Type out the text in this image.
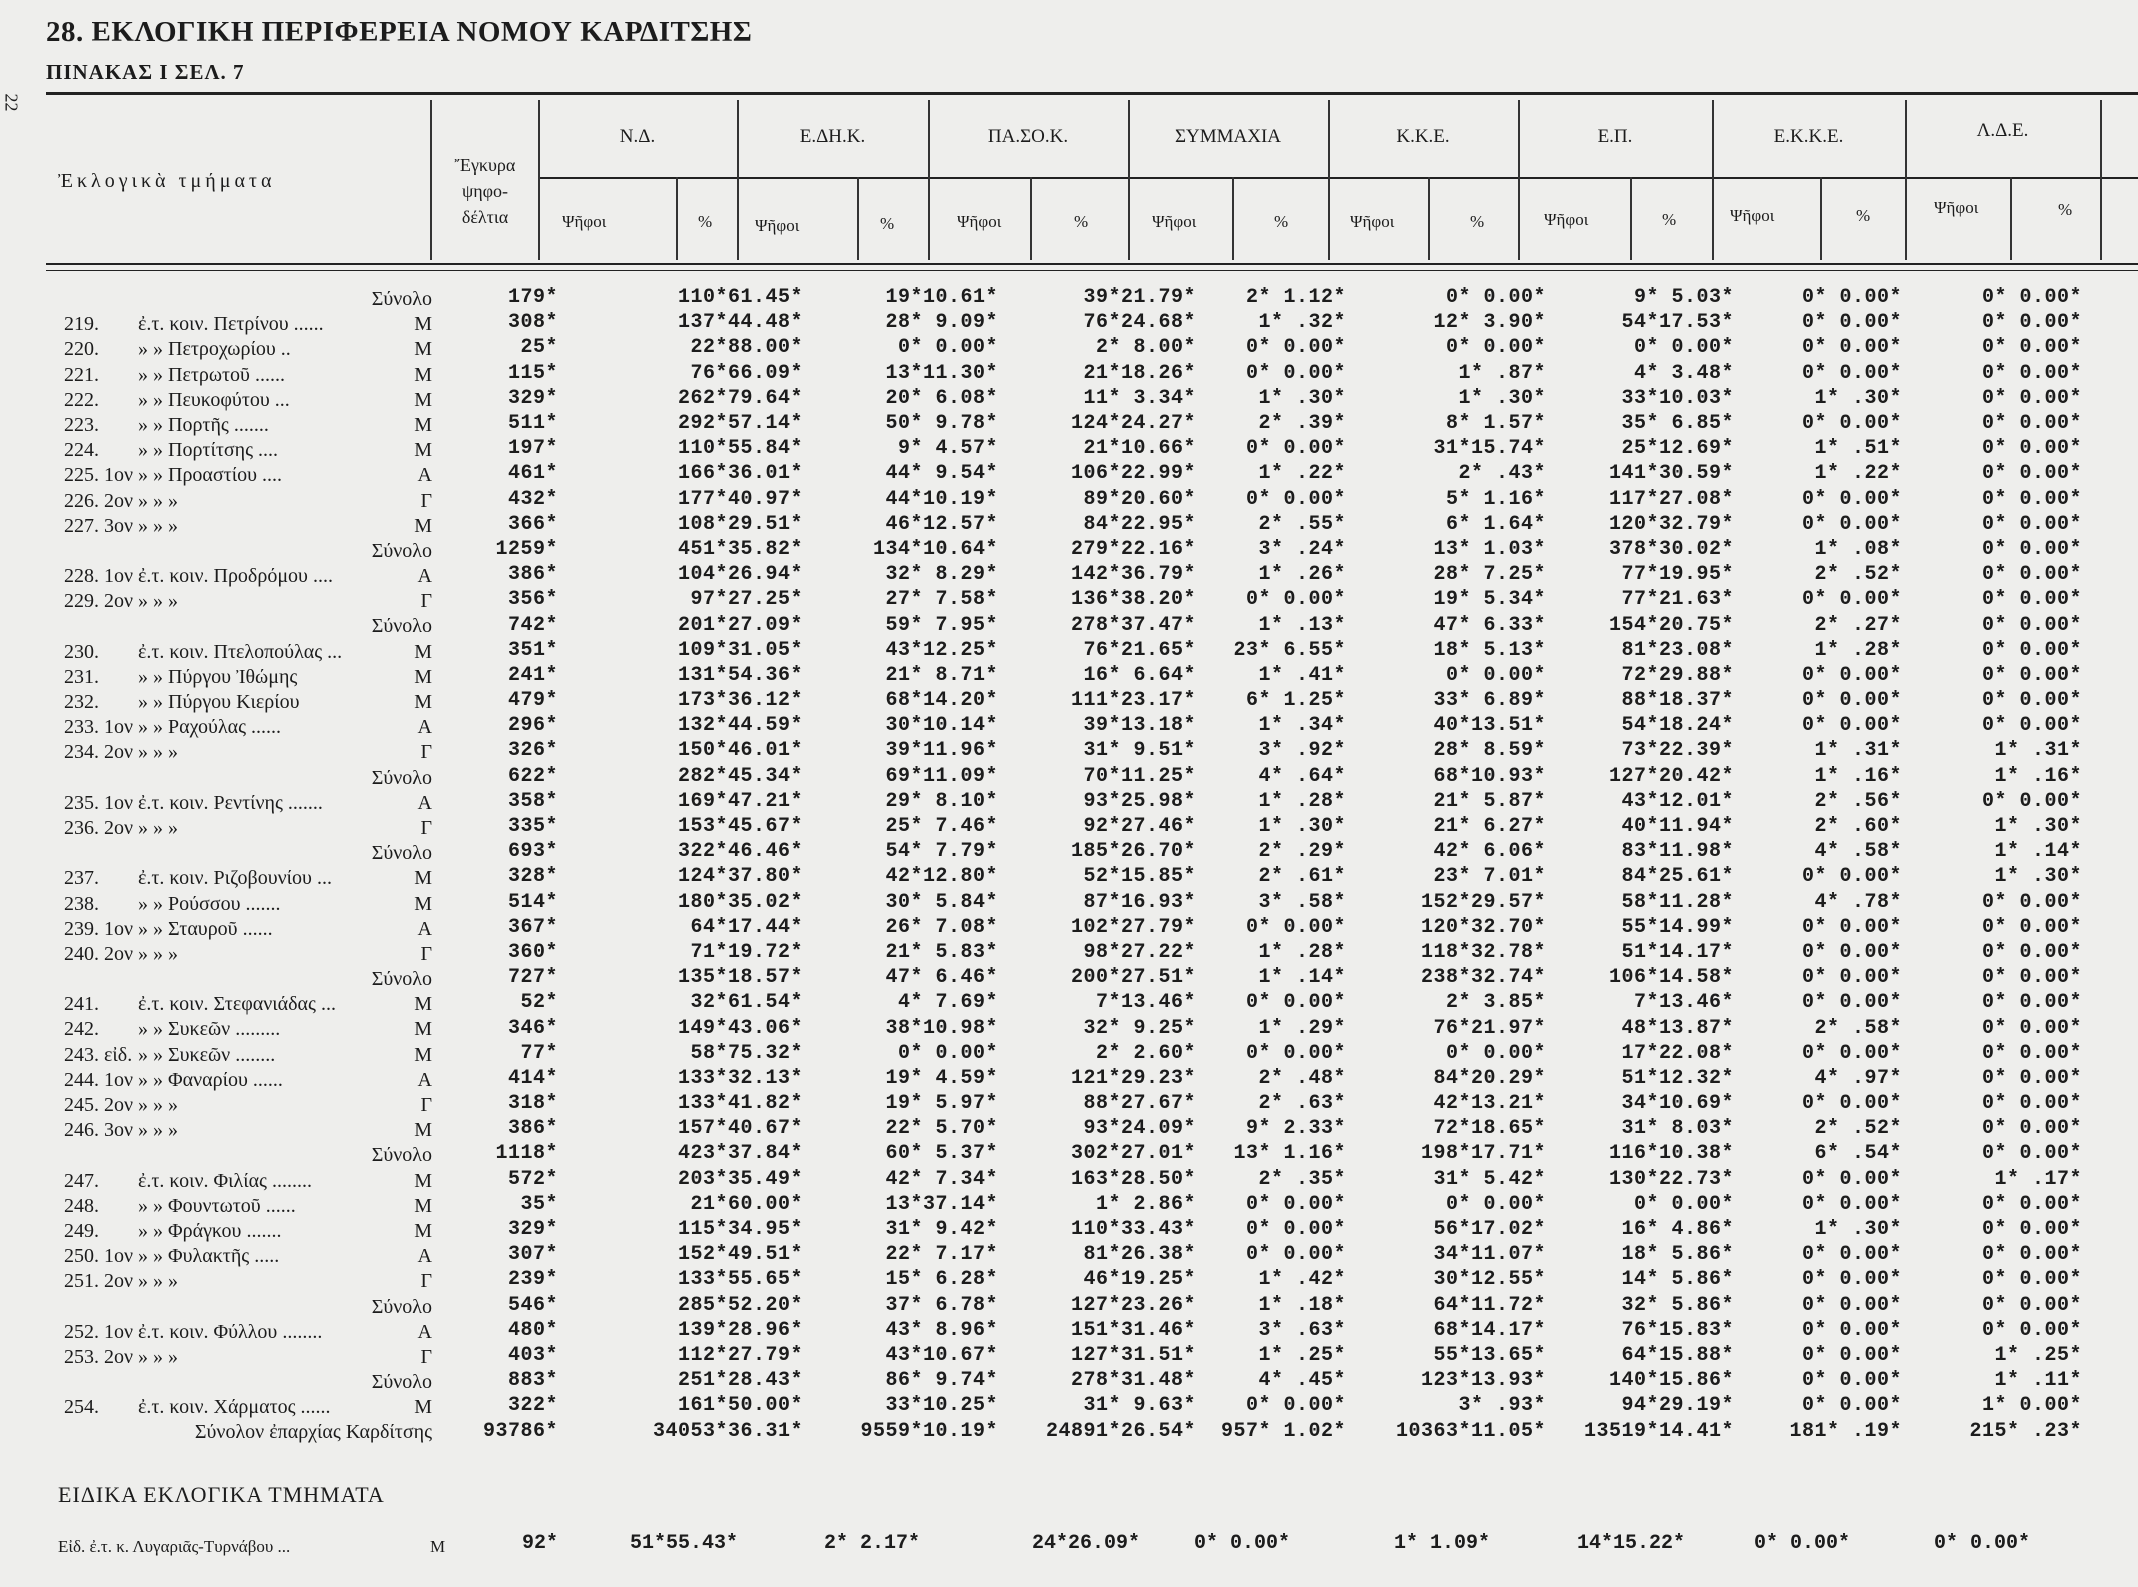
22
28. ΕΚΛΟΓΙΚΗ ΠΕΡΙΦΕΡΕΙΑ ΝΟΜΟΥ ΚΑΡΔΙΤΣΗΣ
ΠΙΝΑΚΑΣ Ι ΣΕΛ. 7
Ἐκλογικὰ τμήματα
Ἔγκυρα
ψηφο-
δέλτια
Ν.Δ.	Ε.ΔΗ.Κ.	ΠΑ.ΣΟ.Κ.	ΣΥΜΜΑΧΙΑ	Κ.Κ.Ε.	Ε.Π.	Ε.Κ.Κ.Ε.	Λ.Δ.Ε.
Ψῆφοι	%	Ψῆφοι	%	Ψῆφοι	%	Ψῆφοι	%	Ψῆφοι	%	Ψῆφοι	%	Ψῆφοι	%	Ψῆφοι	%
Σύνολο	179*	110*61.45*	19*10.61*	39*21.79*	2* 1.12*	0* 0.00*	9* 5.03*	0* 0.00*	0* 0.00*

219. ἐ.τ. κοιν. Πετρίνου ...... Μ	308*	137*44.48*	28* 9.09*	76*24.68*	1* .32*	12* 3.90*	54*17.53*	0* 0.00*	0* 0.00*

220. » » Πετροχωρίου .. Μ	25*	22*88.00*	0* 0.00*	2* 8.00*	0* 0.00*	0* 0.00*	0* 0.00*	0* 0.00*	0* 0.00*

221. » » Πετρωτοῦ ...... Μ	115*	76*66.09*	13*11.30*	21*18.26*	0* 0.00*	1* .87*	4* 3.48*	0* 0.00*	0* 0.00*

222. » » Πευκοφύτου ... Μ	329*	262*79.64*	20* 6.08*	11* 3.34*	1* .30*	1* .30*	33*10.03*	1* .30*	0* 0.00*

223. » » Πορτῆς ....... Μ	511*	292*57.14*	50* 9.78*	124*24.27*	2* .39*	8* 1.57*	35* 6.85*	0* 0.00*	0* 0.00*

224. » » Πορτίτσης .... Μ	197*	110*55.84*	9* 4.57*	21*10.66*	0* 0.00*	31*15.74*	25*12.69*	1* .51*	0* 0.00*

225. 1ον » » Προαστίου .... Α	461*	166*36.01*	44* 9.54*	106*22.99*	1* .22*	2* .43*	141*30.59*	1* .22*	0* 0.00*

226. 2ον » » » Γ	432*	177*40.97*	44*10.19*	89*20.60*	0* 0.00*	5* 1.16*	117*27.08*	0* 0.00*	0* 0.00*

227. 3ον » » » Μ	366*	108*29.51*	46*12.57*	84*22.95*	2* .55*	6* 1.64*	120*32.79*	0* 0.00*	0* 0.00*

Σύνολο	1259*	451*35.82*	134*10.64*	279*22.16*	3* .24*	13* 1.03*	378*30.02*	1* .08*	0* 0.00*

228. 1ον ἐ.τ. κοιν. Προδρόμου .... Α	386*	104*26.94*	32* 8.29*	142*36.79*	1* .26*	28* 7.25*	77*19.95*	2* .52*	0* 0.00*

229. 2ον » » » Γ	356*	97*27.25*	27* 7.58*	136*38.20*	0* 0.00*	19* 5.34*	77*21.63*	0* 0.00*	0* 0.00*

Σύνολο	742*	201*27.09*	59* 7.95*	278*37.47*	1* .13*	47* 6.33*	154*20.75*	2* .27*	0* 0.00*

230. ἐ.τ. κοιν. Πτελοπούλας ... Μ	351*	109*31.05*	43*12.25*	76*21.65*	23* 6.55*	18* 5.13*	81*23.08*	1* .28*	0* 0.00*

231. » » Πύργου Ἰθώμης Μ	241*	131*54.36*	21* 8.71*	16* 6.64*	1* .41*	0* 0.00*	72*29.88*	0* 0.00*	0* 0.00*

232. » » Πύργου Κιερίου Μ	479*	173*36.12*	68*14.20*	111*23.17*	6* 1.25*	33* 6.89*	88*18.37*	0* 0.00*	0* 0.00*

233. 1ον » » Ραχούλας ...... Α	296*	132*44.59*	30*10.14*	39*13.18*	1* .34*	40*13.51*	54*18.24*	0* 0.00*	0* 0.00*

234. 2ον » » » Γ	326*	150*46.01*	39*11.96*	31* 9.51*	3* .92*	28* 8.59*	73*22.39*	1* .31*	1* .31*

Σύνολο	622*	282*45.34*	69*11.09*	70*11.25*	4* .64*	68*10.93*	127*20.42*	1* .16*	1* .16*

235. 1ον ἐ.τ. κοιν. Ρεντίνης ....... Α	358*	169*47.21*	29* 8.10*	93*25.98*	1* .28*	21* 5.87*	43*12.01*	2* .56*	0* 0.00*

236. 2ον » » » Γ	335*	153*45.67*	25* 7.46*	92*27.46*	1* .30*	21* 6.27*	40*11.94*	2* .60*	1* .30*

Σύνολο	693*	322*46.46*	54* 7.79*	185*26.70*	2* .29*	42* 6.06*	83*11.98*	4* .58*	1* .14*

237. ἐ.τ. κοιν. Ριζοβουνίου ... Μ	328*	124*37.80*	42*12.80*	52*15.85*	2* .61*	23* 7.01*	84*25.61*	0* 0.00*	1* .30*

238. » » Ρούσσου ....... Μ	514*	180*35.02*	30* 5.84*	87*16.93*	3* .58*	152*29.57*	58*11.28*	4* .78*	0* 0.00*

239. 1ον » » Σταυροῦ ...... Α	367*	64*17.44*	26* 7.08*	102*27.79*	0* 0.00*	120*32.70*	55*14.99*	0* 0.00*	0* 0.00*

240. 2ον » » » Γ	360*	71*19.72*	21* 5.83*	98*27.22*	1* .28*	118*32.78*	51*14.17*	0* 0.00*	0* 0.00*

Σύνολο	727*	135*18.57*	47* 6.46*	200*27.51*	1* .14*	238*32.74*	106*14.58*	0* 0.00*	0* 0.00*

241. ἐ.τ. κοιν. Στεφανιάδας ... Μ	52*	32*61.54*	4* 7.69*	7*13.46*	0* 0.00*	2* 3.85*	7*13.46*	0* 0.00*	0* 0.00*

242. » » Συκεῶν ......... Μ	346*	149*43.06*	38*10.98*	32* 9.25*	1* .29*	76*21.97*	48*13.87*	2* .58*	0* 0.00*

243. εἰδ. » » Συκεῶν ........ Μ	77*	58*75.32*	0* 0.00*	2* 2.60*	0* 0.00*	0* 0.00*	17*22.08*	0* 0.00*	0* 0.00*

244. 1ον » » Φαναρίου ...... Α	414*	133*32.13*	19* 4.59*	121*29.23*	2* .48*	84*20.29*	51*12.32*	4* .97*	0* 0.00*

245. 2ον » » » Γ	318*	133*41.82*	19* 5.97*	88*27.67*	2* .63*	42*13.21*	34*10.69*	0* 0.00*	0* 0.00*

246. 3ον » » » Μ	386*	157*40.67*	22* 5.70*	93*24.09*	9* 2.33*	72*18.65*	31* 8.03*	2* .52*	0* 0.00*

Σύνολο	1118*	423*37.84*	60* 5.37*	302*27.01*	13* 1.16*	198*17.71*	116*10.38*	6* .54*	0* 0.00*

247. ἐ.τ. κοιν. Φιλίας ........ Μ	572*	203*35.49*	42* 7.34*	163*28.50*	2* .35*	31* 5.42*	130*22.73*	0* 0.00*	1* .17*

248. » » Φουντωτοῦ ...... Μ	35*	21*60.00*	13*37.14*	1* 2.86*	0* 0.00*	0* 0.00*	0* 0.00*	0* 0.00*	0* 0.00*

249. » » Φράγκου ....... Μ	329*	115*34.95*	31* 9.42*	110*33.43*	0* 0.00*	56*17.02*	16* 4.86*	1* .30*	0* 0.00*

250. 1ον » » Φυλακτῆς ..... Α	307*	152*49.51*	22* 7.17*	81*26.38*	0* 0.00*	34*11.07*	18* 5.86*	0* 0.00*	0* 0.00*

251. 2ον » » » Γ	239*	133*55.65*	15* 6.28*	46*19.25*	1* .42*	30*12.55*	14* 5.86*	0* 0.00*	0* 0.00*

Σύνολο	546*	285*52.20*	37* 6.78*	127*23.26*	1* .18*	64*11.72*	32* 5.86*	0* 0.00*	0* 0.00*

252. 1ον ἐ.τ. κοιν. Φύλλου ........ Α	480*	139*28.96*	43* 8.96*	151*31.46*	3* .63*	68*14.17*	76*15.83*	0* 0.00*	0* 0.00*

253. 2ον » » » Γ	403*	112*27.79*	43*10.67*	127*31.51*	1* .25*	55*13.65*	64*15.88*	0* 0.00*	1* .25*

Σύνολο	883*	251*28.43*	86* 9.74*	278*31.48*	4* .45*	123*13.93*	140*15.86*	0* 0.00*	1* .11*

254. ἐ.τ. κοιν. Χάρματος ...... Μ	322*	161*50.00*	33*10.25*	31* 9.63*	0* 0.00*	3* .93*	94*29.19*	0* 0.00*	1* 0.00*

Σύνολον ἐπαρχίας Καρδίτσης	93786*	34053*36.31*	9559*10.19*	24891*26.54*	957* 1.02*	10363*11.05*	13519*14.41*	181* .19*	215* .23*
ΕΙΔΙΚΑ ΕΚΛΟΓΙΚΑ ΤΜΗΜΑΤΑ
Εἰδ. ἐ.τ. κ. Λυγαριᾶς-Τυρνάβου ...	Μ	92*	51*55.43*	2* 2.17*	24*26.09*	0* 0.00*	1* 1.09*	14*15.22*	0* 0.00*	0* 0.00*
